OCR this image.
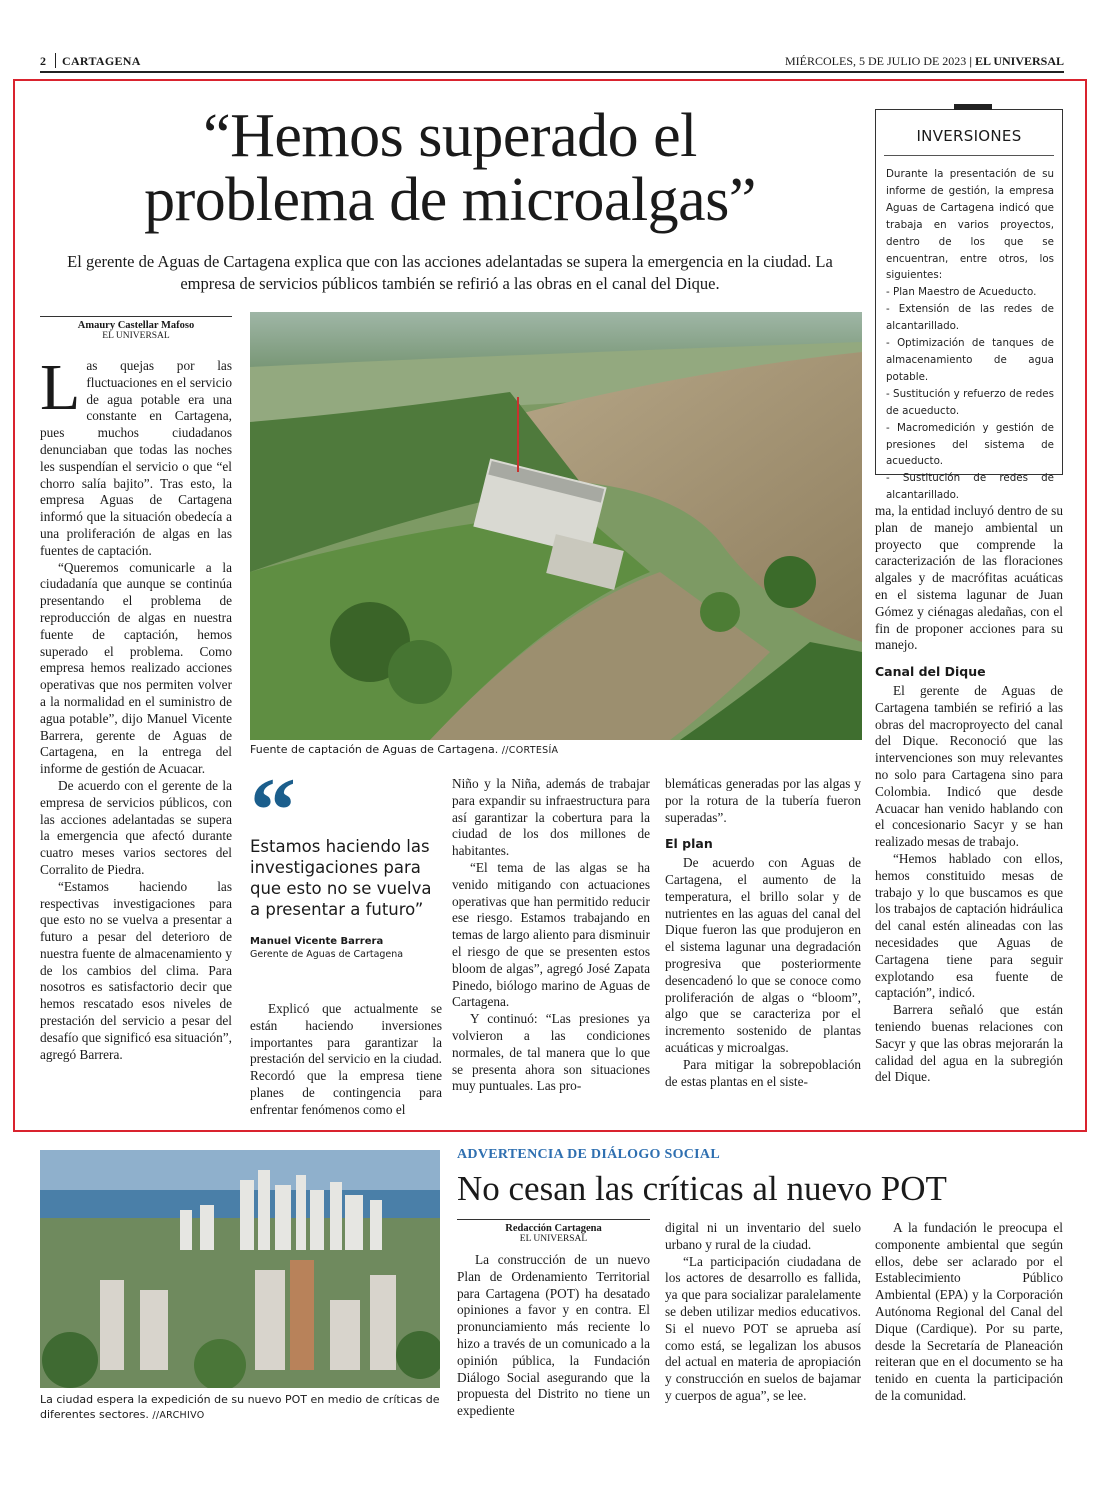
2 CARTAGENA	MIÉRCOLES, 5 DE JULIO DE 2023 | EL UNIVERSAL
“Hemos superado el
problema de microalgas”
El gerente de Aguas de Cartagena explica que con las acciones adelantadas se supera la emergencia en la ciudad. La empresa de servicios públicos también se refirió a las obras en el canal del Dique.
INVERSIONES
Durante la presentación de su informe de gestión, la empresa Aguas de Cartagena indicó que trabaja en varios proyectos, dentro de los que se encuentran, entre otros, los siguientes:
- Plan Maestro de Acueducto.
- Extensión de las redes de alcantarillado.
- Optimización de tanques de almacenamiento de agua potable.
- Sustitución y refuerzo de redes de acueducto.
- Macromedición y gestión de presiones del sistema de acueducto.
- Sustitución de redes de alcantarillado.
Amaury Castellar Mafoso
EL UNIVERSAL
Fuente de captación de Aguas de Cartagena. //CORTESÍA
L as quejas por las fluctuaciones en el servicio de agua potable era una constante en Cartagena, pues muchos ciudadanos denunciaban que todas las noches les suspendían el servicio o que “el chorro salía bajito”. Tras esto, la empresa Aguas de Cartagena informó que la situación obedecía a una proliferación de algas en las fuentes de captación.

“Queremos comunicarle a la ciudadanía que aunque se continúa presentando el problema de reproducción de algas en nuestra fuente de captación, hemos superado el problema. Como empresa hemos realizado acciones operativas que nos permiten volver a la normalidad en el suministro de agua potable”, dijo Manuel Vicente Barrera, gerente de Aguas de Cartagena, en la entrega del informe de gestión de Acuacar.

De acuerdo con el gerente de la empresa de servicios públicos, con las acciones adelantadas se supera la emergencia que afectó durante cuatro meses varios sectores del Corralito de Piedra.

“Estamos haciendo las respectivas investigaciones para que esto no se vuelva a presentar a futuro a pesar del deterioro de nuestra fuente de almacenamiento y de los cambios del clima. Para nosotros es satisfactorio decir que hemos rescatado esos niveles de prestación del servicio a pesar del desafío que significó esa situación”, agregó Barrera.

“
Estamos haciendo las investigaciones para que esto no se vuelva a presentar a futuro”
Manuel Vicente Barrera
Gerente de Aguas de Cartagena

Explicó que actualmente se están haciendo inversiones importantes para garantizar la prestación del servicio en la ciudad. Recordó que la empresa tiene planes de contingencia para enfrentar fenómenos como el

Niño y la Niña, además de trabajar para expandir su infraestructura para así garantizar la cobertura para la ciudad de los dos millones de habitantes.

“El tema de las algas se ha venido mitigando con actuaciones operativas que han permitido reducir ese riesgo. Estamos trabajando en temas de largo aliento para disminuir el riesgo de que se presenten estos bloom de algas”, agregó José Zapata Pinedo, biólogo marino de Aguas de Cartagena.

Y continuó: “Las presiones ya volvieron a las condiciones normales, de tal manera que lo que se presenta ahora son situaciones muy puntuales. Las pro-

blemáticas generadas por las algas y por la rotura de la tubería fueron superadas”.

El plan

De acuerdo con Aguas de Cartagena, el aumento de la temperatura, el brillo solar y de nutrientes en las aguas del canal del Dique fueron las que produjeron en el sistema lagunar una degradación progresiva que posteriormente desencadenó lo que se conoce como proliferación de algas o “bloom”, algo que se caracteriza por el incremento sostenido de plantas acuáticas y microalgas.

Para mitigar la sobrepoblación de estas plantas en el siste-

ma, la entidad incluyó dentro de su plan de manejo ambiental un proyecto que comprende la caracterización de las floraciones algales y de macrófitas acuáticas en el sistema lagunar de Juan Gómez y ciénagas aledañas, con el fin de proponer acciones para su manejo.

Canal del Dique

El gerente de Aguas de Cartagena también se refirió a las obras del macroproyecto del canal del Dique. Reconoció que las intervenciones son muy relevantes no solo para Cartagena sino para Colombia. Indicó que desde Acuacar han venido hablando con el concesionario Sacyr y se han realizado mesas de trabajo.

“Hemos hablado con ellos, hemos constituido mesas de trabajo y lo que buscamos es que los trabajos de captación hidráulica del canal estén alineadas con las necesidades que Aguas de Cartagena tiene para seguir explotando esa fuente de captación”, indicó.

Barrera señaló que están teniendo buenas relaciones con Sacyr y que las obras mejorarán la calidad del agua en la subregión del Dique.

La ciudad espera la expedición de su nuevo POT en medio de críticas de diferentes sectores. //ARCHIVO
ADVERTENCIA DE DIÁLOGO SOCIAL
No cesan las críticas al nuevo POT
Redacción Cartagena
EL UNIVERSAL

La construcción de un nuevo Plan de Ordenamiento Territorial para Cartagena (POT) ha desatado opiniones a favor y en contra. El pronunciamiento más reciente lo hizo a través de un comunicado a la opinión pública, la Fundación Diálogo Social asegurando que la propuesta del Distrito no tiene un expediente

digital ni un inventario del suelo urbano y rural de la ciudad.

“La participación ciudadana de los actores de desarrollo es fallida, ya que para socializar paralelamente se deben utilizar medios educativos. Si el nuevo POT se aprueba así como está, se legalizan los abusos del actual en materia de apropiación y construcción en suelos de bajamar y cuerpos de agua”, se lee.

A la fundación le preocupa el componente ambiental que según ellos, debe ser aclarado por el Establecimiento Público Ambiental (EPA) y la Corporación Autónoma Regional del Canal del Dique (Cardique). Por su parte, desde la Secretaría de Planeación reiteran que en el documento se ha tenido en cuenta la participación de la comunidad.
